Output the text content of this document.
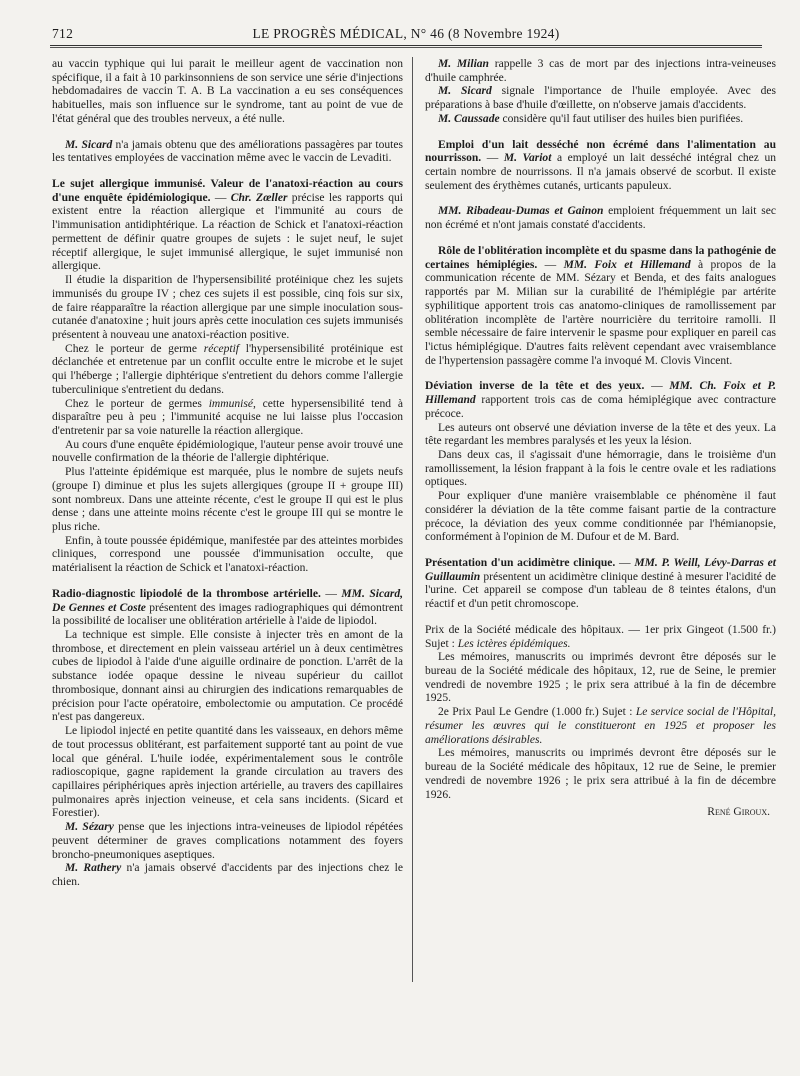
712	LE PROGRÈS MÉDICAL, N° 46 (8 Novembre 1924)

au vaccin typhique qui lui parait le meilleur agent de vaccination non spécifique, il a fait à 10 parkinsonniens de son service une série d'injections hebdomadaires de vaccin T. A. B La vaccination a eu ses conséquences habituelles, mais son influence sur le syndrome, tant au point de vue de l'état général que des troubles nerveux, a été nulle.

M. Sicard n'a jamais obtenu que des améliorations passagères par toutes les tentatives employées de vaccination même avec le vaccin de Levaditi.

Le sujet allergique immunisé. Valeur de l'anatoxi-réaction au cours d'une enquête épidémiologique. — Chr. Zœller précise les rapports qui existent entre la réaction allergique et l'immunité au cours de l'immunisation antidiphtérique. La réaction de Schick et l'anatoxi-réaction permettent de définir quatre groupes de sujets : le sujet neuf, le sujet réceptif allergique, le sujet immunisé allergique, le sujet immunisé non allergique.

Il étudie la disparition de l'hypersensibilité protéinique chez les sujets immunisés du groupe IV ; chez ces sujets il est possible, cinq fois sur six, de faire réapparaître la réaction allergique par une simple inoculation sous-cutanée d'anatoxine ; huit jours après cette inoculation ces sujets immunisés présentent à nouveau une anatoxi-réaction positive.

Chez le porteur de germe réceptif l'hypersensibilité protéinique est déclanchée et entretenue par un conflit occulte entre le microbe et le sujet qui l'héberge ; l'allergie diphtérique s'entretient du dehors comme l'allergie tuberculinique s'entretient du dedans.

Chez le porteur de germes immunisé, cette hypersensibilité tend à disparaître peu à peu ; l'immunité acquise ne lui laisse plus l'occasion d'entretenir par sa voie naturelle la réaction allergique.

Au cours d'une enquête épidémiologique, l'auteur pense avoir trouvé une nouvelle confirmation de la théorie de l'allergie diphtérique.

Plus l'atteinte épidémique est marquée, plus le nombre de sujets neufs (groupe I) diminue et plus les sujets allergiques (groupe II + groupe III) sont nombreux. Dans une atteinte récente, c'est le groupe II qui est le plus dense ; dans une atteinte moins récente c'est le groupe III qui se montre le plus riche.

Enfin, à toute poussée épidémique, manifestée par des atteintes morbides cliniques, correspond une poussée d'immunisation occulte, que matérialisent la réaction de Schick et l'anatoxi-réaction.

Radio-diagnostic lipiodolé de la thrombose artérielle. — MM. Sicard, De Gennes et Coste présentent des images radiographiques qui démontrent la possibilité de localiser une oblitération artérielle à l'aide de lipiodol.

La technique est simple. Elle consiste à injecter très en amont de la thrombose, et directement en plein vaisseau artériel un à deux centimètres cubes de lipiodol à l'aide d'une aiguille ordinaire de ponction. L'arrêt de la substance iodée opaque dessine le niveau supérieur du caillot thrombosique, donnant ainsi au chirurgien des indications remarquables de précision pour l'acte opératoire, embolectomie ou amputation. Ce procédé n'est pas dangereux.

Le lipiodol injecté en petite quantité dans les vaisseaux, en dehors même de tout processus oblitérant, est parfaitement supporté tant au point de vue local que général. L'huile iodée, expérimentalement sous le contrôle radioscopique, gagne rapidement la grande circulation au travers des capillaires périphériques après injection artérielle, au travers des capillaires pulmonaires après injection veineuse, et cela sans incidents. (Sicard et Forestier).

M. Sézary pense que les injections intra-veineuses de lipiodol répétées peuvent déterminer de graves complications notamment des foyers broncho-pneumoniques aseptiques.

M. Rathery n'a jamais observé d'accidents par des injections chez le chien.

M. Milian rappelle 3 cas de mort par des injections intra-veineuses d'huile camphrée.

M. Sicard signale l'importance de l'huile employée. Avec des préparations à base d'huile d'œillette, on n'observe jamais d'accidents.

M. Caussade considère qu'il faut utiliser des huiles bien purifiées.

Emploi d'un lait desséché non écrémé dans l'alimentation au nourrisson. — M. Variot a employé un lait desséché intégral chez un certain nombre de nourrissons. Il n'a jamais observé de scorbut. Il existe seulement des érythèmes cutanés, urticants papuleux.

MM. Ribadeau-Dumas et Gainon emploient fréquemment un lait sec non écrémé et n'ont jamais constaté d'accidents.

Rôle de l'oblitération incomplète et du spasme dans la pathogénie de certaines hémiplégies. — MM. Foix et Hillemand à propos de la communication récente de MM. Sézary et Benda, et des faits analogues rapportés par M. Milian sur la curabilité de l'hémiplégie par artérite syphilitique apportent trois cas anatomo-cliniques de ramollissement par oblitération incomplète de l'artère nourricière du territoire ramolli. Il semble nécessaire de faire intervenir le spasme pour expliquer en pareil cas l'ictus hémiplégique. D'autres faits relèvent cependant avec vraisemblance de l'hypertension passagère comme l'a invoqué M. Clovis Vincent.

Déviation inverse de la tête et des yeux. — MM. Ch. Foix et P. Hillemand rapportent trois cas de coma hémiplégique avec contracture précoce.

Les auteurs ont observé une déviation inverse de la tête et des yeux. La tête regardant les membres paralysés et les yeux la lésion.

Dans deux cas, il s'agissait d'une hémorragie, dans le troisième d'un ramollissement, la lésion frappant à la fois le centre ovale et les radiations optiques.

Pour expliquer d'une manière vraisemblable ce phénomène il faut considérer la déviation de la tête comme faisant partie de la contracture précoce, la déviation des yeux comme conditionnée par l'hémianopsie, conformément à l'opinion de M. Dufour et de M. Bard.

Présentation d'un acidimètre clinique. — MM. P. Weill, Lévy-Darras et Guillaumin présentent un acidimètre clinique destiné à mesurer l'acidité de l'urine. Cet appareil se compose d'un tableau de 8 teintes étalons, d'un réactif et d'un petit chromoscope.

Prix de la Société médicale des hôpitaux. — 1er prix Gingeot (1.500 fr.) Sujet : Les ictères épidémiques.

Les mémoires, manuscrits ou imprimés devront être déposés sur le bureau de la Société médicale des hôpitaux, 12, rue de Seine, le premier vendredi de novembre 1925 ; le prix sera attribué à la fin de décembre 1925.

2e Prix Paul Le Gendre (1.000 fr.) Sujet : Le service social de l'Hôpital, résumer les œuvres qui le constitueront en 1925 et proposer les améliorations désirables.

Les mémoires, manuscrits ou imprimés devront être déposés sur le bureau de la Société médicale des hôpitaux, 12 rue de Seine, le premier vendredi de novembre 1926 ; le prix sera attribué à la fin de décembre 1926.

René Giroux.
